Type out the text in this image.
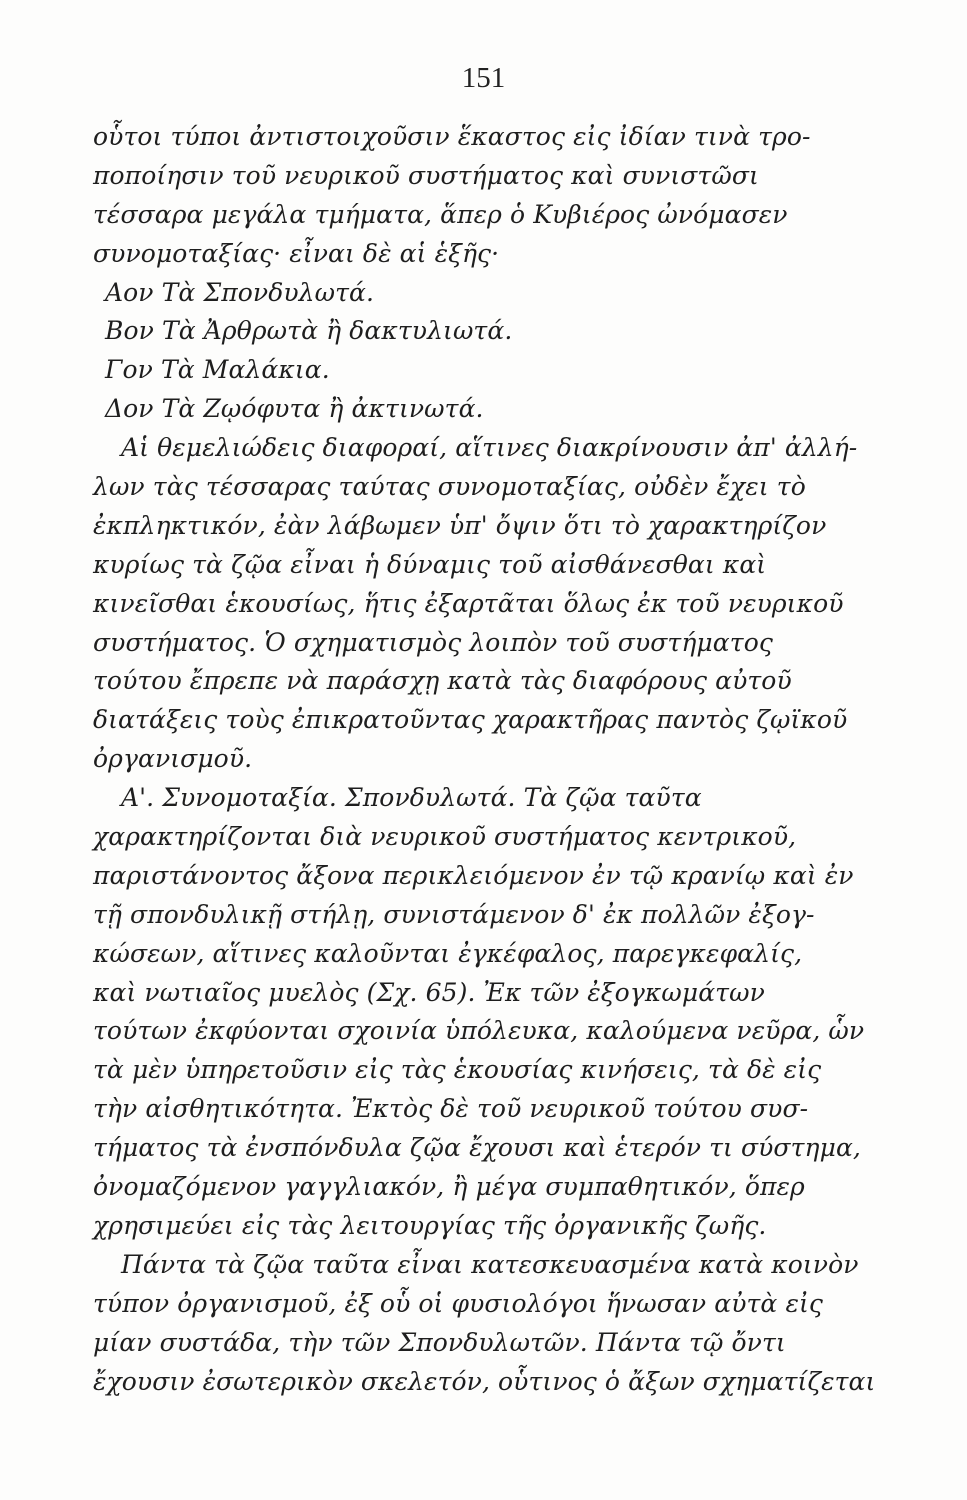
151
οὗτοι τύποι ἀντιστοιχοῦσιν ἕκαστος εἰς ἰδίαν τινὰ τρο-
ποποίησιν τοῦ νευρικοῦ συστήματος καὶ συνιστῶσι
τέσσαρα μεγάλα τμήματα, ἅπερ ὁ Κυβιέρος ὠνόμασεν
συνομοταξίας· εἶναι δὲ αἱ ἑξῆς·
Αον Τὰ Σπονδυλωτά.
Βον Τὰ Ἀρθρωτὰ ἢ δακτυλιωτά.
Γον Τὰ Μαλάκια.
Δον Τὰ Ζῳόφυτα ἢ ἀκτινωτά.
Αἱ θεμελιώδεις διαφοραί, αἵτινες διακρίνουσιν ἀπ' ἀλλή-
λων τὰς τέσσαρας ταύτας συνομοταξίας, οὐδὲν ἔχει τὸ
ἐκπληκτικόν, ἐὰν λάβωμεν ὑπ' ὄψιν ὅτι τὸ χαρακτηρίζον
κυρίως τὰ ζῷα εἶναι ἡ δύναμις τοῦ αἰσθάνεσθαι καὶ
κινεῖσθαι ἑκουσίως, ἥτις ἐξαρτᾶται ὅλως ἐκ τοῦ νευρικοῦ
συστήματος. Ὁ σχηματισμὸς λοιπὸν τοῦ συστήματος
τούτου ἔπρεπε νὰ παράσχῃ κατὰ τὰς διαφόρους αὐτοῦ
διατάξεις τοὺς ἐπικρατοῦντας χαρακτῆρας παντὸς ζῳϊκοῦ
ὀργανισμοῦ.
Α'. Συνομοταξία. Σπονδυλωτά. Τὰ ζῷα ταῦτα
χαρακτηρίζονται διὰ νευρικοῦ συστήματος κεντρικοῦ,
παριστάνοντος ἄξονα περικλειόμενον ἐν τῷ κρανίῳ καὶ ἐν
τῇ σπονδυλικῇ στήλῃ, συνιστάμενον δ' ἐκ πολλῶν ἐξογ-
κώσεων, αἵτινες καλοῦνται ἐγκέφαλος, παρεγκεφαλίς,
καὶ νωτιαῖος μυελὸς (Σχ. 65). Ἐκ τῶν ἐξογκωμάτων
τούτων ἐκφύονται σχοινία ὑπόλευκα, καλούμενα νεῦρα, ὧν
τὰ μὲν ὑπηρετοῦσιν εἰς τὰς ἑκουσίας κινήσεις, τὰ δὲ εἰς
τὴν αἰσθητικότητα. Ἐκτὸς δὲ τοῦ νευρικοῦ τούτου συσ-
τήματος τὰ ἐνσπόνδυλα ζῷα ἔχουσι καὶ ἑτερόν τι σύστημα,
ὀνομαζόμενον γαγγλιακόν, ἢ μέγα συμπαθητικόν, ὅπερ
χρησιμεύει εἰς τὰς λειτουργίας τῆς ὀργανικῆς ζωῆς.
Πάντα τὰ ζῷα ταῦτα εἶναι κατεσκευασμένα κατὰ κοινὸν
τύπον ὀργανισμοῦ, ἐξ οὗ οἱ φυσιολόγοι ἥνωσαν αὐτὰ εἰς
μίαν συστάδα, τὴν τῶν Σπονδυλωτῶν. Πάντα τῷ ὄντι
ἔχουσιν ἐσωτερικὸν σκελετόν, οὗτινος ὁ ἄξων σχηματίζεται
